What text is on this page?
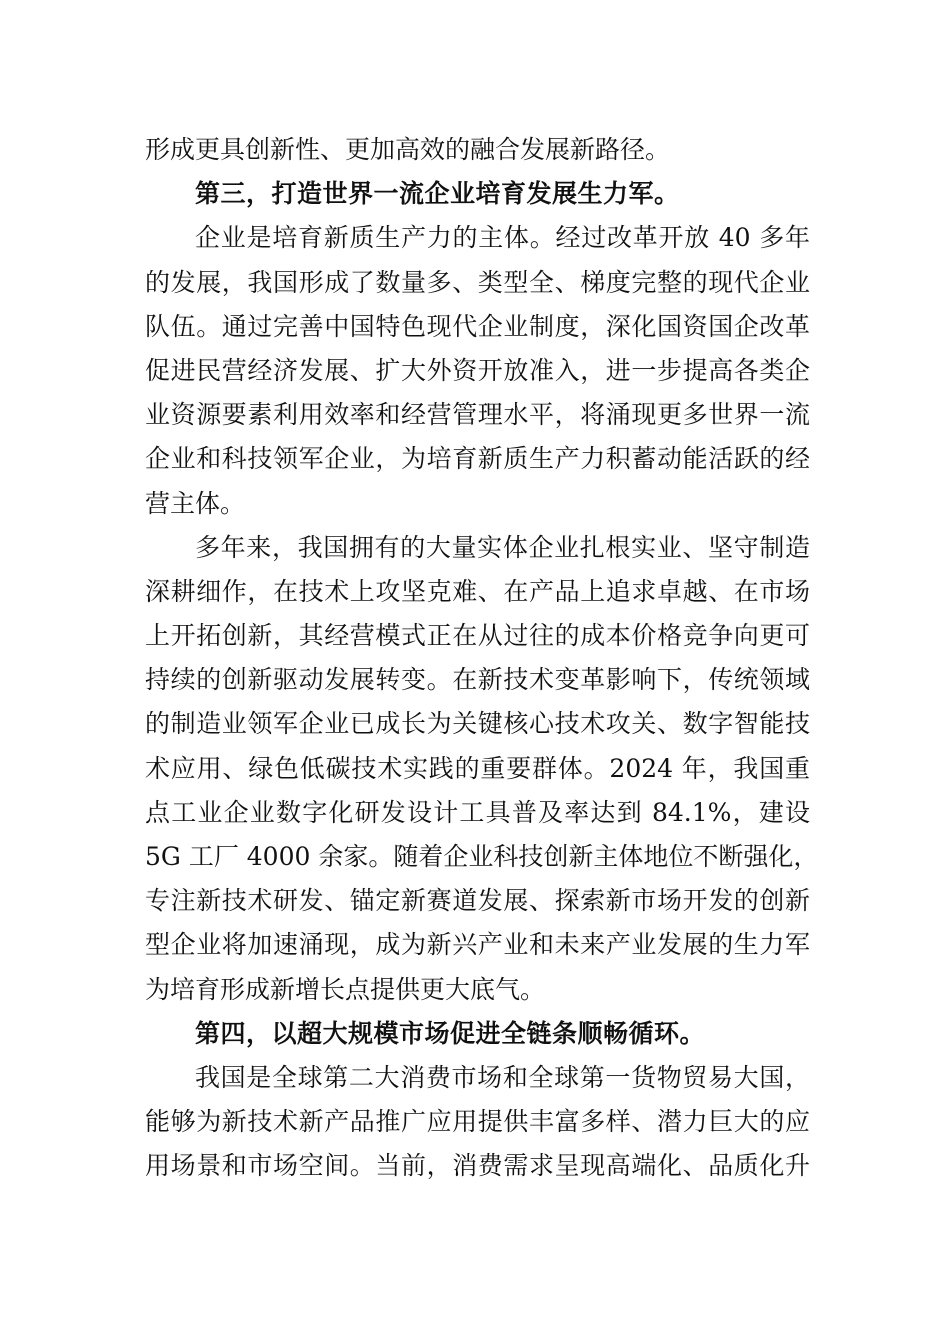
形成更具创新性、更加高效的融合发展新路径。
第三，打造世界一流企业培育发展生力军。
企业是培育新质生产力的主体。经过改革开放 40 多年
的发展，我国形成了数量多、类型全、梯度完整的现代企业
队伍。通过完善中国特色现代企业制度，深化国资国企改革
促进民营经济发展、扩大外资开放准入，进一步提高各类企
业资源要素利用效率和经营管理水平，将涌现更多世界一流
企业和科技领军企业，为培育新质生产力积蓄动能活跃的经
营主体。
多年来，我国拥有的大量实体企业扎根实业、坚守制造
深耕细作，在技术上攻坚克难、在产品上追求卓越、在市场
上开拓创新，其经营模式正在从过往的成本价格竞争向更可
持续的创新驱动发展转变。在新技术变革影响下，传统领域
的制造业领军企业已成长为关键核心技术攻关、数字智能技
术应用、绿色低碳技术实践的重要群体。2024 年，我国重
点工业企业数字化研发设计工具普及率达到 84.1%，建设
5G 工厂 4000 余家。随着企业科技创新主体地位不断强化，
专注新技术研发、锚定新赛道发展、探索新市场开发的创新
型企业将加速涌现，成为新兴产业和未来产业发展的生力军
为培育形成新增长点提供更大底气。
第四，以超大规模市场促进全链条顺畅循环。
我国是全球第二大消费市场和全球第一货物贸易大国，
能够为新技术新产品推广应用提供丰富多样、潜力巨大的应
用场景和市场空间。当前，消费需求呈现高端化、品质化升
